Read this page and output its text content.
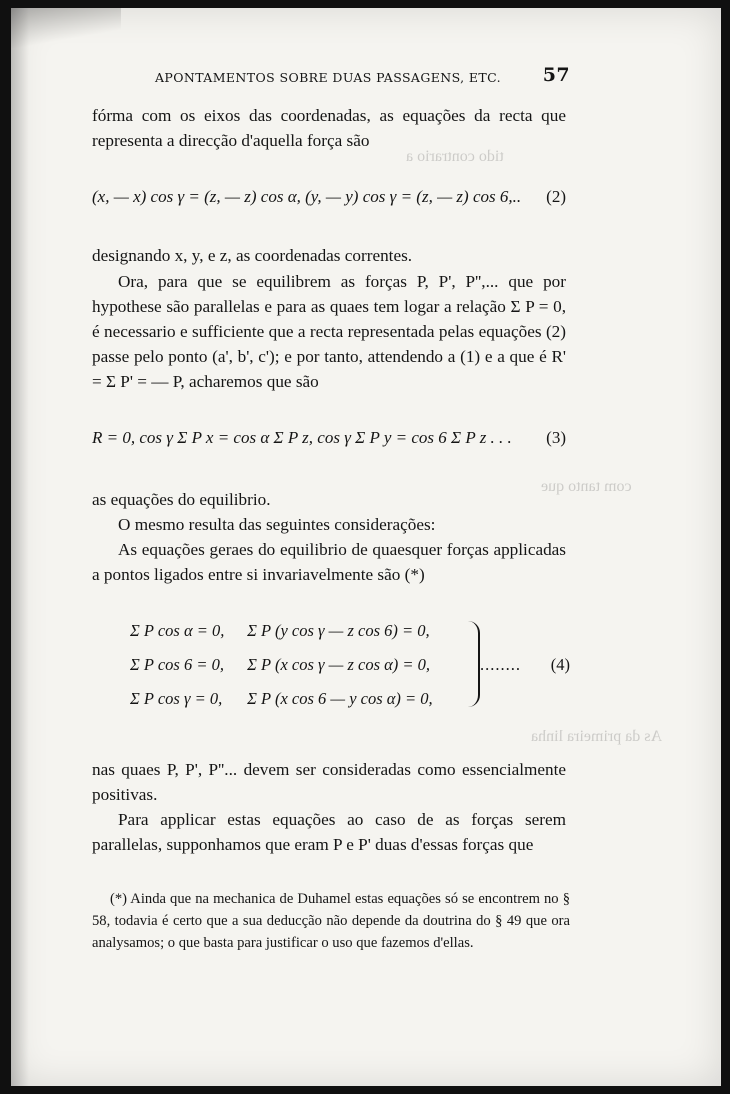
tido contrario a
com tanto que
As da primeira linha
APONTAMENTOS SOBRE DUAS PASSAGENS, ETC. 57

fórma com os eixos das coordenadas, as equações da recta que representa a direcção d'aquella força são

(x, — x) cos γ = (z, — z) cos α, (y, — y) cos γ = (z, — z) cos 6,.. (2)

designando x, y, e z, as coordenadas correntes.

Ora, para que se equilibrem as forças P, P', P'',... que por hypothese são parallelas e para as quaes tem logar a relação Σ P = 0, é necessario e sufficiente que a recta representada pelas equações (2) passe pelo ponto (a', b', c'); e por tanto, attendendo a (1) e a que é R' = Σ P' = — P, acharemos que são

R = 0, cos γ Σ P x = cos α Σ P z, cos γ Σ P y = cos 6 Σ P z . . . (3)

as equações do equilibrio.

O mesmo resulta das seguintes considerações:

As equações geraes do equilibrio de quaesquer forças applicadas a pontos ligados entre si invariavelmente são (*)

Σ P cos α = 0, Σ P (y cos γ — z cos 6) = 0,
Σ P cos 6 = 0, Σ P (x cos γ — z cos α) = 0,
Σ P cos γ = 0, Σ P (x cos 6 — y cos α) = 0,
........ (4)

nas quaes P, P', P''... devem ser consideradas como essencialmente positivas.

Para applicar estas equações ao caso de as forças serem parallelas, supponhamos que eram P e P' duas d'essas forças que

(*) Ainda que na mechanica de Duhamel estas equações só se encontrem no § 58, todavia é certo que a sua deducção não depende da doutrina do § 49 que ora analysamos; o que basta para justificar o uso que fazemos d'ellas.
